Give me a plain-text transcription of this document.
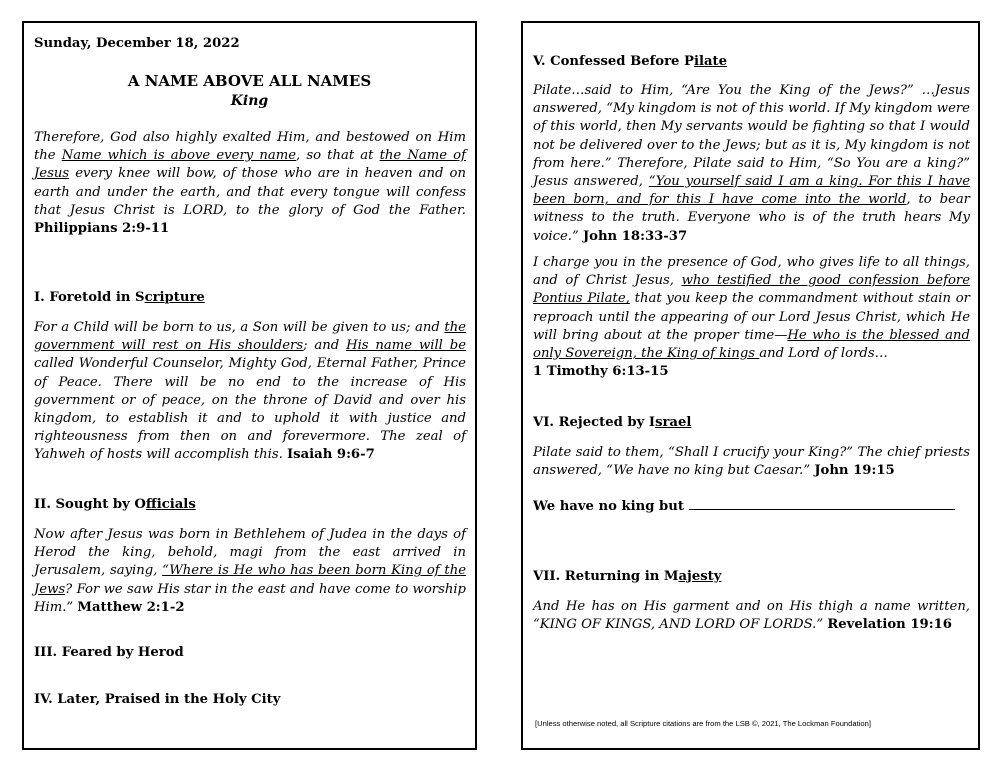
Sunday, December 18, 2022
A NAME ABOVE ALL NAMES
King
Therefore, God also highly exalted Him, and bestowed on Him the Name which is above every name, so that at the Name of Jesus every knee will bow, of those who are in heaven and on earth and under the earth, and that every tongue will confess that Jesus Christ is LORD, to the glory of God the Father. Philippians 2:9-11
I. Foretold in Scripture
For a Child will be born to us, a Son will be given to us; and the government will rest on His shoulders; and His name will be called Wonderful Counselor, Mighty God, Eternal Father, Prince of Peace. There will be no end to the increase of His government or of peace, on the throne of David and over his kingdom, to establish it and to uphold it with justice and righteousness from then on and forevermore. The zeal of Yahweh of hosts will accomplish this. Isaiah 9:6-7
II. Sought by Officials
Now after Jesus was born in Bethlehem of Judea in the days of Herod the king, behold, magi from the east arrived in Jerusalem, saying, “Where is He who has been born King of the Jews? For we saw His star in the east and have come to worship Him.” Matthew 2:1-2
III. Feared by Herod
IV. Later, Praised in the Holy City
V. Confessed Before Pilate
Pilate…said to Him, “Are You the King of the Jews?” …Jesus answered, “My kingdom is not of this world. If My kingdom were of this world, then My servants would be fighting so that I would not be delivered over to the Jews; but as it is, My kingdom is not from here.” Therefore, Pilate said to Him, “So You are a king?” Jesus answered, “You yourself said I am a king. For this I have been born, and for this I have come into the world, to bear witness to the truth. Everyone who is of the truth hears My voice.” John 18:33-37
I charge you in the presence of God, who gives life to all things, and of Christ Jesus, who testified the good confession before Pontius Pilate, that you keep the commandment without stain or reproach until the appearing of our Lord Jesus Christ, which He will bring about at the proper time—He who is the blessed and only Sovereign, the King of kings and Lord of lords…
1 Timothy 6:13-15
VI. Rejected by Israel
Pilate said to them, “Shall I crucify your King?” The chief priests answered, “We have no king but Caesar.” John 19:15
We have no king but
VII. Returning in Majesty
And He has on His garment and on His thigh a name written, “KING OF KINGS, AND LORD OF LORDS.” Revelation 19:16
[Unless otherwise noted, all Scripture citations are from the LSB ©, 2021, The Lockman Foundation]
